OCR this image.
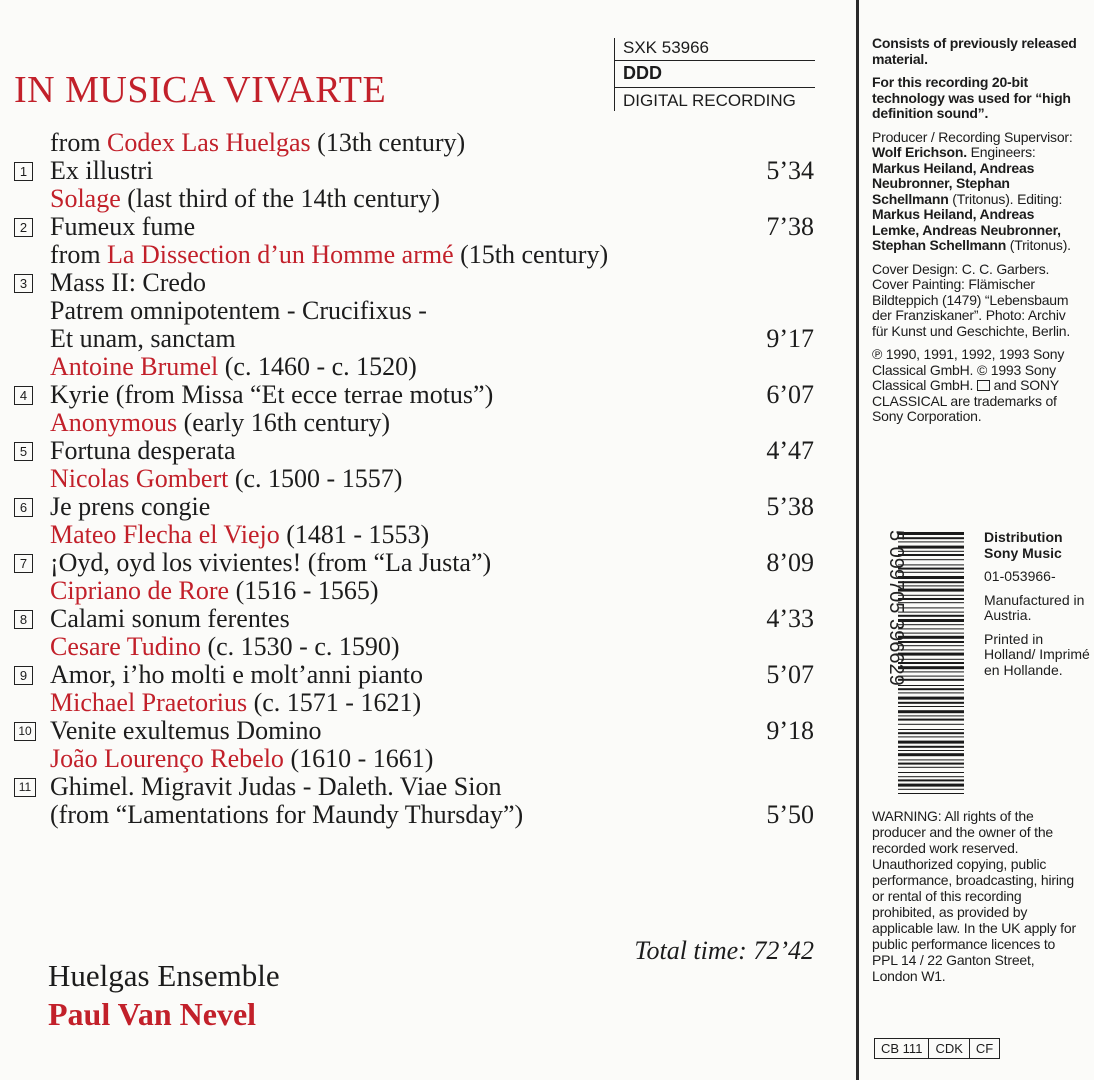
IN MUSICA VIVARTE
SXK 53966
DDD
DIGITAL RECORDING
from Codex Las Huelgas (13th century)
1 Ex illustri	5’34
Solage (last third of the 14th century)
2 Fumeux fume	7’38
from La Dissection d’un Homme armé (15th century)
3 Mass II: Credo
Patrem omnipotentem - Crucifixus -
Et unam, sanctam	9’17
Antoine Brumel (c. 1460 - c. 1520)
4 Kyrie (from Missa “Et ecce terrae motus”)	6’07
Anonymous (early 16th century)
5 Fortuna desperata	4’47
Nicolas Gombert (c. 1500 - 1557)
6 Je prens congie	5’38
Mateo Flecha el Viejo (1481 - 1553)
7 ¡Oyd, oyd los vivientes! (from “La Justa”)	8’09
Cipriano de Rore (1516 - 1565)
8 Calami sonum ferentes	4’33
Cesare Tudino (c. 1530 - c. 1590)
9 Amor, i’ho molti e molt’anni pianto	5’07
Michael Praetorius (c. 1571 - 1621)
10 Venite exultemus Domino	9’18
João Lourenço Rebelo (1610 - 1661)
11 Ghimel. Migravit Judas - Daleth. Viae Sion
(from “Lamentations for Maundy Thursday”)	5’50
Total time: 72’42
Huelgas Ensemble
Paul Van Nevel

Consists of previously released material.

For this recording 20-bit technology was used for “high definition sound”.

Producer / Recording Supervisor: Wolf Erichson. Engineers: Markus Heiland, Andreas Neubronner, Stephan Schellmann (Tritonus). Editing: Markus Heiland, Andreas Lemke, Andreas Neubronner, Stephan Schellmann (Tritonus).

Cover Design: C. C. Garbers. Cover Painting: Flämischer Bildteppich (1479) “Lebensbaum der Franziskaner”. Photo: Archiv für Kunst und Geschichte, Berlin.

℗ 1990, 1991, 1992, 1993 Sony Classical GmbH. © 1993 Sony Classical GmbH. and SONY CLASSICAL are trademarks of Sony Corporation.

5 099705 396629	Distribution Sony Music

01-053966-

Manufactured in Austria.

Printed in Holland/ Imprimé en Hollande.

WARNING: All rights of the producer and the owner of the recorded work reserved. Unauthorized copying, public performance, broadcasting, hiring or rental of this recording prohibited, as provided by applicable law. In the UK apply for public performance licences to PPL 14 / 22 Ganton Street, London W1.
CB 111	CDK	CF
